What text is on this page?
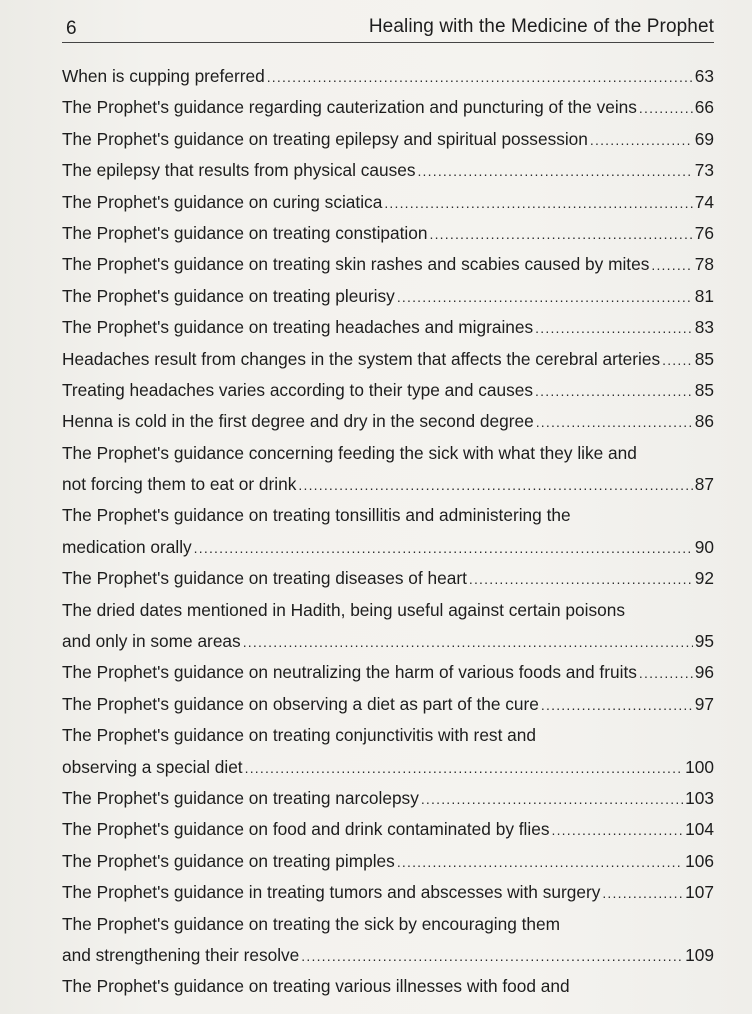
6	Healing with the Medicine of the Prophet
When is cupping preferred .....	63
The Prophet's guidance regarding cauterization and puncturing of the veins .....	66
The Prophet's guidance on treating epilepsy and spiritual possession .....	69
The epilepsy that results from physical causes .....	73
The Prophet's guidance on curing sciatica .....	74
The Prophet's guidance on treating constipation .....	76
The Prophet's guidance on treating skin rashes and scabies caused by mites .....	78
The Prophet's guidance on treating pleurisy .....	81
The Prophet's guidance on treating headaches and migraines .....	83
Headaches result from changes in the system that affects the cerebral arteries ..... 85
Treating headaches varies according to their type and causes .....	85
Henna is cold in the first degree and dry in the second degree .....	86
The Prophet's guidance concerning feeding the sick with what they like and
not forcing them to eat or drink .....	87
The Prophet's guidance on treating tonsillitis and administering the
medication orally .....	90
The Prophet's guidance on treating diseases of heart .....	92
The dried dates mentioned in Hadith, being useful against certain poisons
and only in some areas .....	95
The Prophet's guidance on neutralizing the harm of various foods and fruits .....	96
The Prophet's guidance on observing a diet as part of the cure .....	97
The Prophet's guidance on treating conjunctivitis with rest and
observing a special diet .....	100
The Prophet's guidance on treating narcolepsy .....	103
The Prophet's guidance on food and drink contaminated by flies .....	104
The Prophet's guidance on treating pimples .....	106
The Prophet's guidance in treating tumors and abscesses with surgery .....	107
The Prophet's guidance on treating the sick by encouraging them
and strengthening their resolve .....	109
The Prophet's guidance on treating various illnesses with food and
